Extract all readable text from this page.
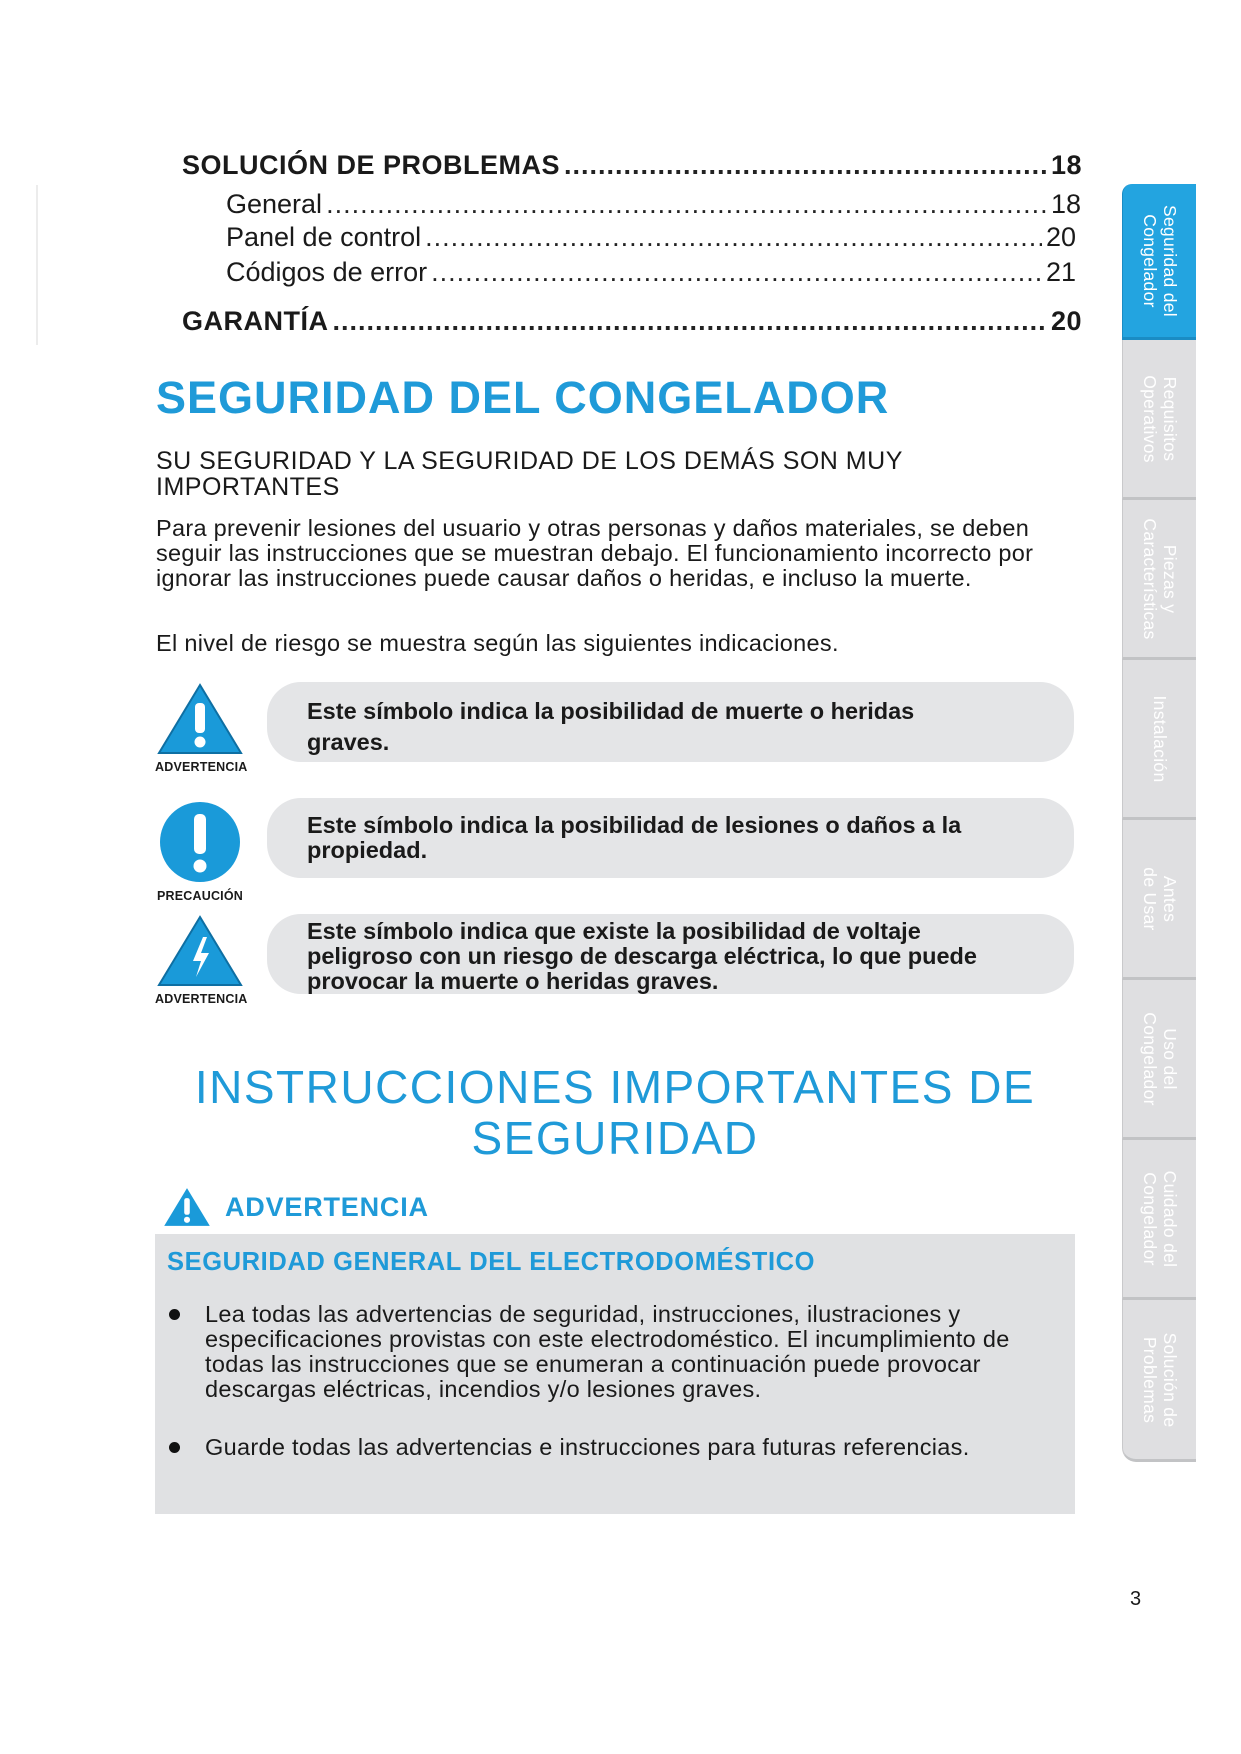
SOLUCIÓN DE PROBLEMAS .....	18
General .....	18
Panel de control .....	20
Códigos de error .....	21
GARANTÍA .....	20
SEGURIDAD DEL CONGELADOR
SU SEGURIDAD Y LA SEGURIDAD DE LOS DEMÁS SON MUY IMPORTANTES
Para prevenir lesiones del usuario y otras personas y daños materiales, se deben seguir las instrucciones que se muestran debajo. El funcionamiento incorrecto por ignorar las instrucciones puede causar daños o heridas, e incluso la muerte.
El nivel de riesgo se muestra según las siguientes indicaciones.
ADVERTENCIA
Este símbolo indica la posibilidad de muerte o heridas graves.
PRECAUCIÓN
Este símbolo indica la posibilidad de lesiones o daños a la propiedad.
ADVERTENCIA
Este símbolo indica que existe la posibilidad de voltaje peligroso con un riesgo de descarga eléctrica, lo que puede provocar la muerte o heridas graves.
INSTRUCCIONES IMPORTANTES DE SEGURIDAD
ADVERTENCIA
SEGURIDAD GENERAL DEL ELECTRODOMÉSTICO
Lea todas las advertencias de seguridad, instrucciones, ilustraciones y especificaciones provistas con este electrodoméstico. El incumplimiento de todas las instrucciones que se enumeran a continuación puede provocar descargas eléctricas, incendios y/o lesiones graves.
Guarde todas las advertencias e instrucciones para futuras referencias.
Seguridad del
Congelador
Requisitos
Operativos
Piezas y
Características
Instalación
Antes
de Usar
Uso del
Congelador
Cuidado del
Congelador
Solución de
Problemas
3
